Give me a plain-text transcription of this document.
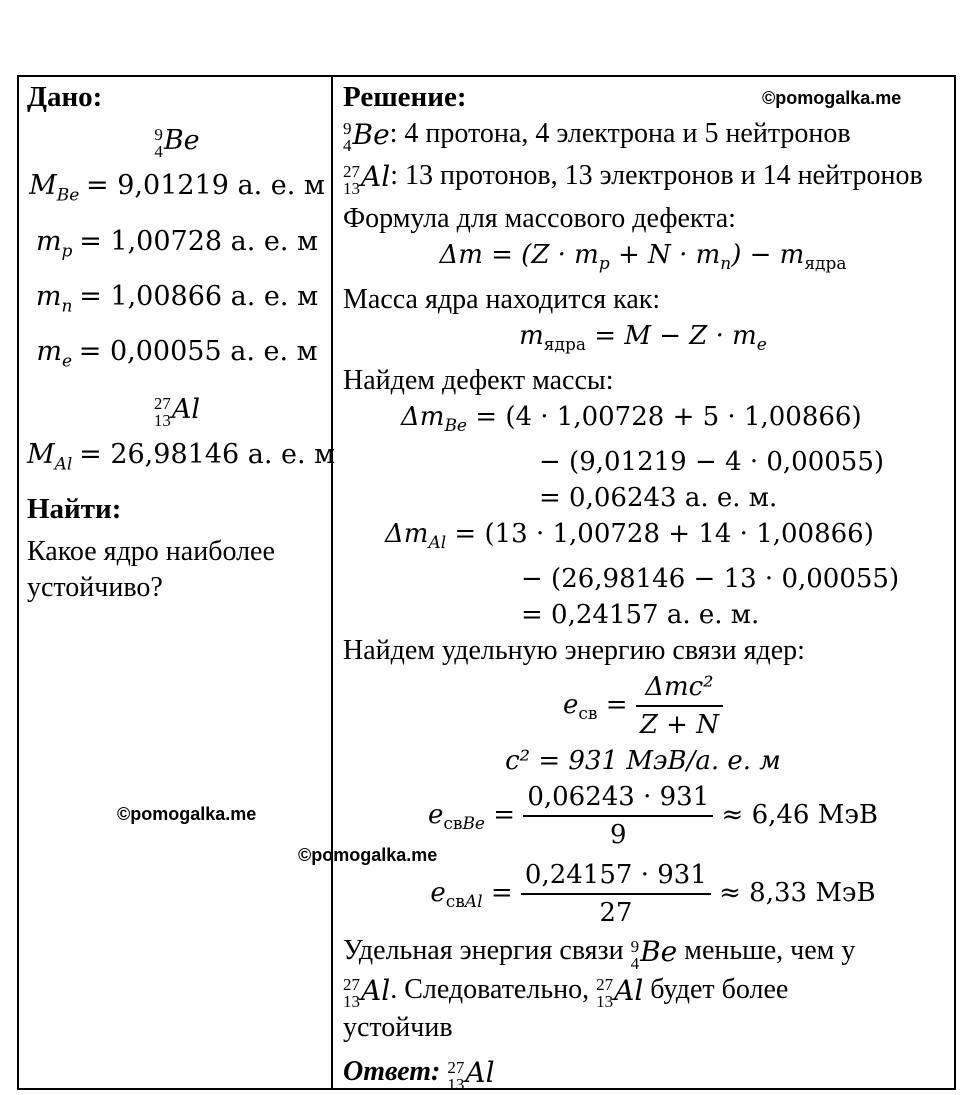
Дано:
9
4 Be
$M_{Be} = 9,01219$ а. е. м
$m_p = 1,00728$ а. е. м
$m_n = 1,00866$ а. е. м
$m_e = 0,00055$ а. е. м
27
13 Al
$M_{Al} = 26,98146$ а. е. м
Найти:
Какое ядро наиболее устойчиво?
Решение:
9
4 Be: 4 протона, 4 электрона и 5 нейтронов
27
13 Al: 13 протонов, 13 электронов и 14 нейтронов
Формула для массового дефекта:
$\Delta m = (Z \cdot m_p + N \cdot m_n) - m_{ядра}$
Масса ядра находится как:
$m_{ядра} = M - Z \cdot m_e$
Найдем дефект массы:
$\Delta m_{Be} = (4 \cdot 1,00728 + 5 \cdot 1,00866)$
− (9,01219 − 4 · 0,00055)
= 0,06243 а. е. м.
$\Delta m_{Al} = (13 \cdot 1,00728 + 14 \cdot 1,00866)$
− (26,98146 − 13 · 0,00055)
= 0,24157 а. е. м.
Найдем удельную энергию связи ядер:
$e_{св} = \frac{\text{Δmc²}}{Z + N}$
c² = 931 МэВ/а. е. м
$e_{свBe} = \frac{0,06243 \cdot 931}{9} \approx 6,46$ МэВ
$e_{свAl} = \frac{0,24157 \cdot 931}{27} \approx 8,33$ МэВ
Удельная энергия связи 9
4 Be меньше, чем у

27
13 Al. Следовательно, 27
13 Al будет более
устойчив
Ответ: 27
13 Al
©pomogalka.me
©pomogalka.me
©pomogalka.me
